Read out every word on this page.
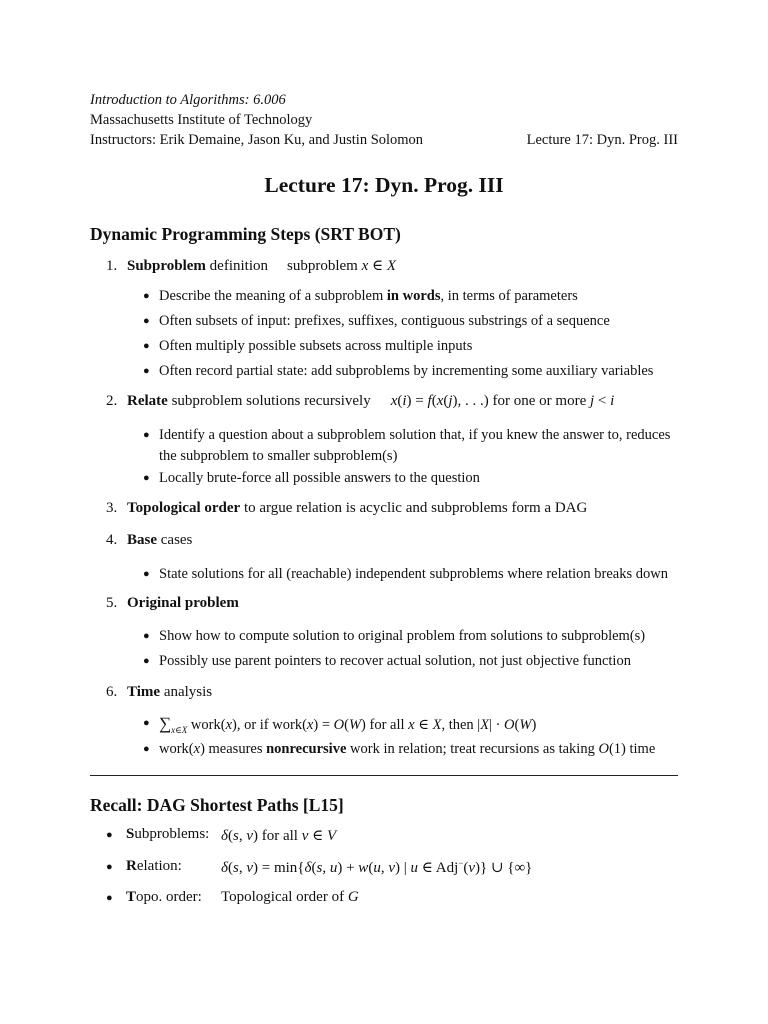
Introduction to Algorithms: 6.006
Massachusetts Institute of Technology
Instructors: Erik Demaine, Jason Ku, and Justin Solomon	Lecture 17: Dyn. Prog. III
Lecture 17: Dyn. Prog. III
Dynamic Programming Steps (SRT BOT)
1. Subproblem definition subproblem x ∈ X
● Describe the meaning of a subproblem in words, in terms of parameters
● Often subsets of input: prefixes, suffixes, contiguous substrings of a sequence
● Often multiply possible subsets across multiple inputs
● Often record partial state: add subproblems by incrementing some auxiliary variables
2. Relate subproblem solutions recursively x(i) = f(x(j), . . .) for one or more j < i
● Identify a question about a subproblem solution that, if you knew the answer to, reduces
the subproblem to smaller subproblem(s)
● Locally brute-force all possible answers to the question
3. Topological order to argue relation is acyclic and subproblems form a DAG
4. Base cases
● State solutions for all (reachable) independent subproblems where relation breaks down
5. Original problem
● Show how to compute solution to original problem from solutions to subproblem(s)
● Possibly use parent pointers to recover actual solution, not just objective function
6. Time analysis
● $\sum_{x\in X}$ work(x), or if work(x) = O(W) for all x ∈ X, then |X| · O(W)
● work(x) measures nonrecursive work in relation; treat recursions as taking O(1) time
Recall: DAG Shortest Paths [L15]
● Subproblems: δ(s, v) for all v ∈ V
● Relation:	δ(s, v) = min{δ(s, u) + w(u, v) | u ∈ Adj−(v)} ∪ {∞}
● Topo. order: Topological order of G
